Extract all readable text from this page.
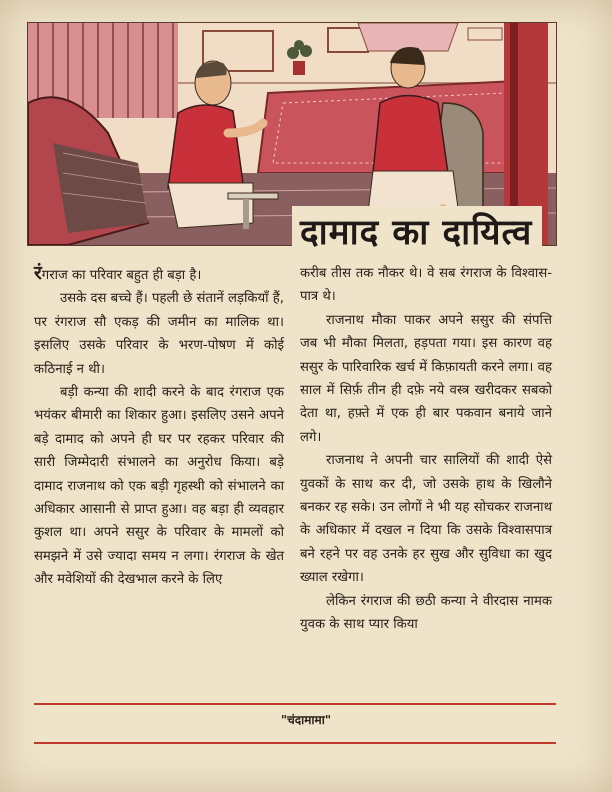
दामाद का दायित्व

रंगराज का परिवार बहुत ही बड़ा है।

उसके दस बच्चे हैं। पहली छे संतानें लड़कियाँ हैं, पर रंगराज सौ एकड़ की जमीन का मालिक था। इसलिए उसके परिवार के भरण-पोषण में कोई कठिनाई न थी।

बड़ी कन्या की शादी करने के बाद रंगराज एक भयंकर बीमारी का शिकार हुआ। इसलिए उसने अपने बड़े दामाद को अपने ही घर पर रहकर परिवार की सारी जिम्मेदारी संभालने का अनुरोध किया। बड़े दामाद राजनाथ को एक बड़ी गृहस्थी को संभालने का अधिकार आसानी से प्राप्त हुआ। वह बड़ा ही व्यवहार कुशल था। अपने ससुर के परिवार के मामलों को समझने में उसे ज्यादा समय न लगा। रंगराज के खेत और मवेशियों की देखभाल करने के लिए

करीब तीस तक नौकर थे। वे सब रंगराज के विश्वास-पात्र थे।

राजनाथ मौका पाकर अपने ससुर की संपत्ति जब भी मौका मिलता, हड़पता गया। इस कारण वह ससुर के पारिवारिक खर्च में किफ़ायती करने लगा। वह साल में सिर्फ़ तीन ही दफ़े नये वस्त्र खरीदकर सबको देता था, हफ़्ते में एक ही बार पकवान बनाये जाने लगे।

राजनाथ ने अपनी चार सालियों की शादी ऐसे युवकों के साथ कर दी, जो उसके हाथ के खिलौने बनकर रह सके। उन लोगों ने भी यह सोचकर राजनाथ के अधिकार में दखल न दिया कि उसके विश्वासपात्र बने रहने पर वह उनके हर सुख और सुविधा का खुद ख्याल रखेगा।

लेकिन रंगराज की छठी कन्या ने वीरदास नामक युवक के साथ प्यार किया

"चंदामामा"
